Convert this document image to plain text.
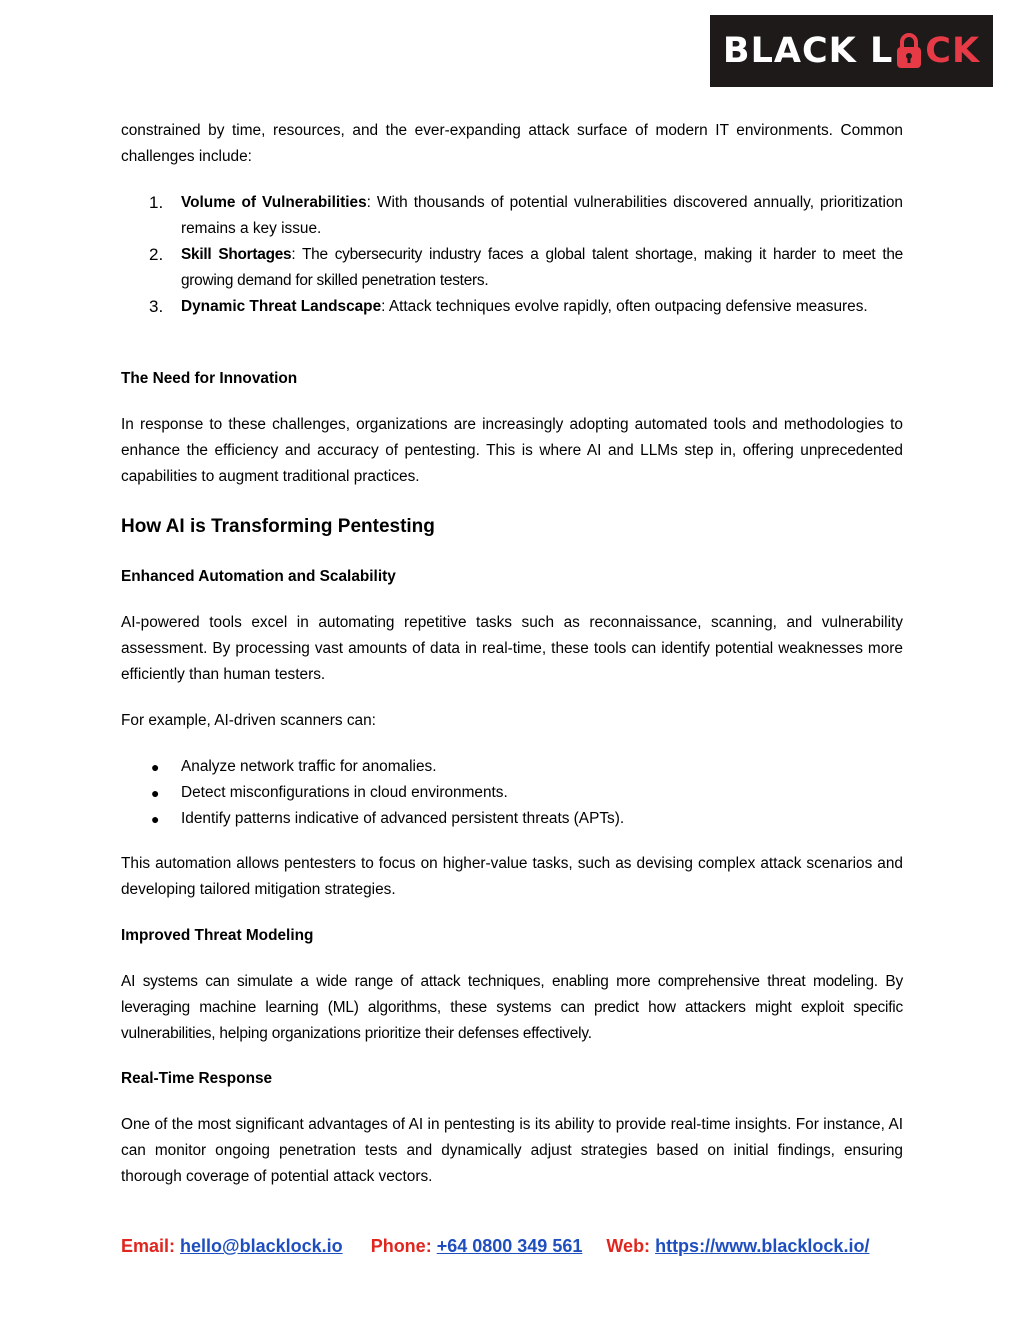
BLACK L C K

constrained by time, resources, and the ever-expanding attack surface of modern IT environments. Common challenges include:

1. Volume of Vulnerabilities: With thousands of potential vulnerabilities discovered annually, prioritization remains a key issue.
2. Skill Shortages: The cybersecurity industry faces a global talent shortage, making it harder to meet the growing demand for skilled penetration testers.
3. Dynamic Threat Landscape: Attack techniques evolve rapidly, often outpacing defensive measures.

The Need for Innovation

In response to these challenges, organizations are increasingly adopting automated tools and methodologies to enhance the efficiency and accuracy of pentesting. This is where AI and LLMs step in, offering unprecedented capabilities to augment traditional practices.

How AI is Transforming Pentesting

Enhanced Automation and Scalability

AI-powered tools excel in automating repetitive tasks such as reconnaissance, scanning, and vulnerability assessment. By processing vast amounts of data in real-time, these tools can identify potential weaknesses more efficiently than human testers.

For example, AI-driven scanners can:

● Analyze network traffic for anomalies.
● Detect misconfigurations in cloud environments.
● Identify patterns indicative of advanced persistent threats (APTs).

This automation allows pentesters to focus on higher-value tasks, such as devising complex attack scenarios and developing tailored mitigation strategies.

Improved Threat Modeling

AI systems can simulate a wide range of attack techniques, enabling more comprehensive threat modeling. By leveraging machine learning (ML) algorithms, these systems can predict how attackers might exploit specific vulnerabilities, helping organizations prioritize their defenses effectively.

Real-Time Response

One of the most significant advantages of AI in pentesting is its ability to provide real-time insights. For instance, AI can monitor ongoing penetration tests and dynamically adjust strategies based on initial findings, ensuring thorough coverage of potential attack vectors.

Email: hello@blacklock.io Phone: +64 0800 349 561 Web: https://www.blacklock.io/
